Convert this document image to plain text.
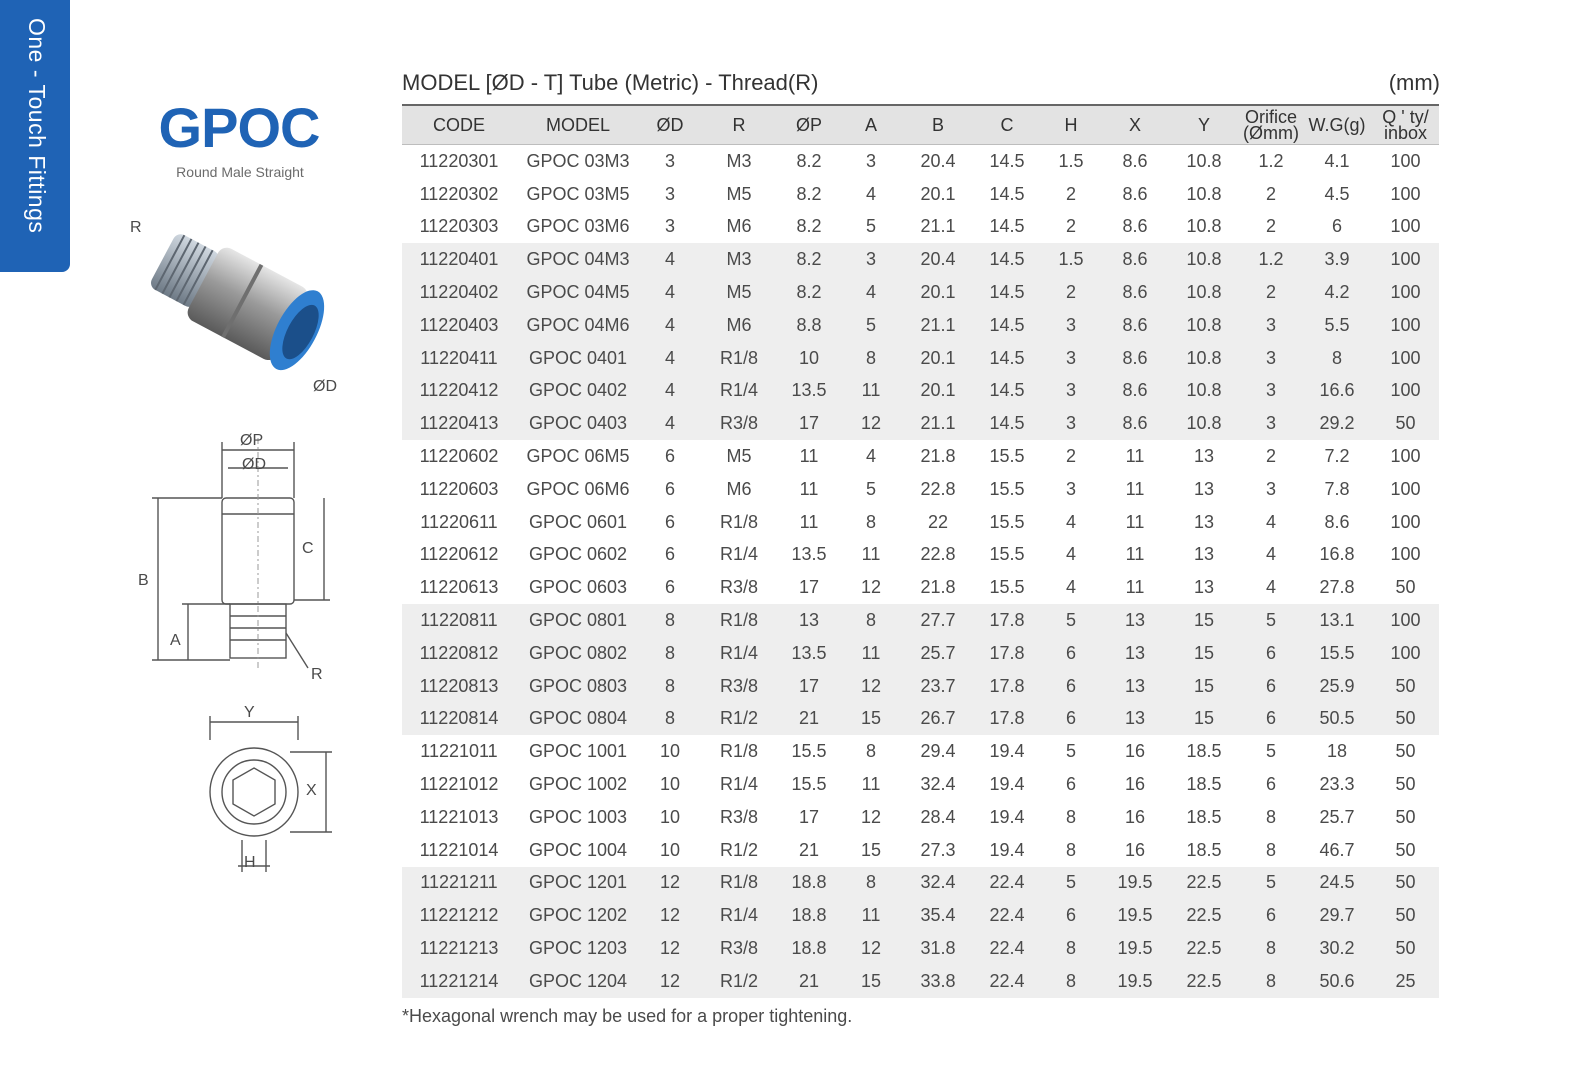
One - Touch Fittings GPOC
Round Male Straight
R
ØD
ØP
ØD
B
C
A
R
Y
X
H
MODEL [ØD - T] Tube (Metric) - Thread(R)	(mm)
CODE	MODEL	ØD	R	ØP	A	B	C	H	X	Y	Orifice (Ømm)	W.G(g)	Q ' ty/ inbox
11220301	GPOC 03M3	3	M3	8.2	3	20.4	14.5	1.5	8.6	10.8	1.2	4.1	100
11220302	GPOC 03M5	3	M5	8.2	4	20.1	14.5	2	8.6	10.8	2	4.5	100
11220303	GPOC 03M6	3	M6	8.2	5	21.1	14.5	2	8.6	10.8	2	6	100
11220401	GPOC 04M3	4	M3	8.2	3	20.4	14.5	1.5	8.6	10.8	1.2	3.9	100
11220402	GPOC 04M5	4	M5	8.2	4	20.1	14.5	2	8.6	10.8	2	4.2	100
11220403	GPOC 04M6	4	M6	8.8	5	21.1	14.5	3	8.6	10.8	3	5.5	100
11220411	GPOC 0401	4	R1/8	10	8	20.1	14.5	3	8.6	10.8	3	8	100
11220412	GPOC 0402	4	R1/4	13.5	11	20.1	14.5	3	8.6	10.8	3	16.6	100
11220413	GPOC 0403	4	R3/8	17	12	21.1	14.5	3	8.6	10.8	3	29.2	50
11220602	GPOC 06M5	6	M5	11	4	21.8	15.5	2	11	13	2	7.2	100
11220603	GPOC 06M6	6	M6	11	5	22.8	15.5	3	11	13	3	7.8	100
11220611	GPOC 0601	6	R1/8	11	8	22	15.5	4	11	13	4	8.6	100
11220612	GPOC 0602	6	R1/4	13.5	11	22.8	15.5	4	11	13	4	16.8	100
11220613	GPOC 0603	6	R3/8	17	12	21.8	15.5	4	11	13	4	27.8	50
11220811	GPOC 0801	8	R1/8	13	8	27.7	17.8	5	13	15	5	13.1	100
11220812	GPOC 0802	8	R1/4	13.5	11	25.7	17.8	6	13	15	6	15.5	100
11220813	GPOC 0803	8	R3/8	17	12	23.7	17.8	6	13	15	6	25.9	50
11220814	GPOC 0804	8	R1/2	21	15	26.7	17.8	6	13	15	6	50.5	50
11221011	GPOC 1001	10	R1/8	15.5	8	29.4	19.4	5	16	18.5	5	18	50
11221012	GPOC 1002	10	R1/4	15.5	11	32.4	19.4	6	16	18.5	6	23.3	50
11221013	GPOC 1003	10	R3/8	17	12	28.4	19.4	8	16	18.5	8	25.7	50
11221014	GPOC 1004	10	R1/2	21	15	27.3	19.4	8	16	18.5	8	46.7	50
11221211	GPOC 1201	12	R1/8	18.8	8	32.4	22.4	5	19.5	22.5	5	24.5	50
11221212	GPOC 1202	12	R1/4	18.8	11	35.4	22.4	6	19.5	22.5	6	29.7	50
11221213	GPOC 1203	12	R3/8	18.8	12	31.8	22.4	8	19.5	22.5	8	30.2	50
11221214	GPOC 1204	12	R1/2	21	15	33.8	22.4	8	19.5	22.5	8	50.6	25
*Hexagonal wrench may be used for a proper tightening.
